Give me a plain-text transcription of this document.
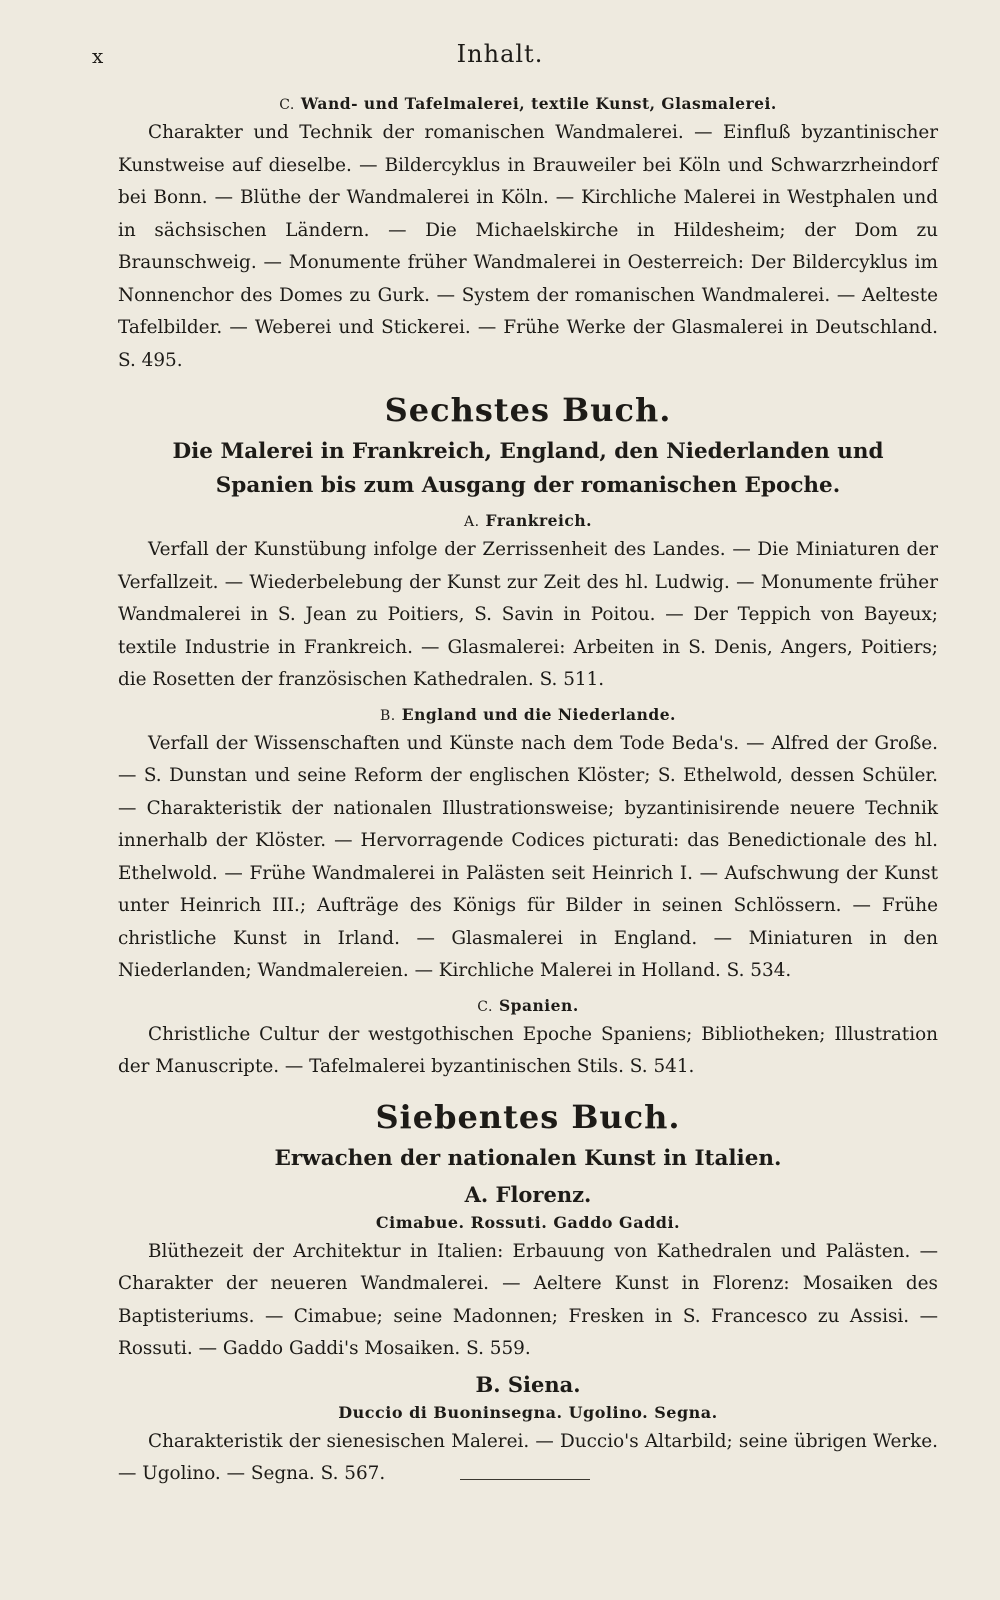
x	Inhalt.
C. Wand- und Tafelmalerei, textile Kunst, Glasmalerei.

Charakter und Technik der romanischen Wandmalerei. — Einfluß byzantinischer Kunstweise auf dieselbe. — Bildercyklus in Brauweiler bei Köln und Schwarzrheindorf bei Bonn. — Blüthe der Wandmalerei in Köln. — Kirchliche Malerei in Westphalen und in sächsischen Ländern. — Die Michaelskirche in Hildesheim; der Dom zu Braunschweig. — Monumente früher Wandmalerei in Oesterreich: Der Bildercyklus im Nonnenchor des Domes zu Gurk. — System der romanischen Wandmalerei. — Aelteste Tafelbilder. — Weberei und Stickerei. — Frühe Werke der Glasmalerei in Deutschland. S. 495.

Sechstes Buch.
Die Malerei in Frankreich, England, den Niederlanden und Spanien bis zum Ausgang der romanischen Epoche.
A. Frankreich.

Verfall der Kunstübung infolge der Zerrissenheit des Landes. — Die Miniaturen der Verfallzeit. — Wiederbelebung der Kunst zur Zeit des hl. Ludwig. — Monumente früher Wandmalerei in S. Jean zu Poitiers, S. Savin in Poitou. — Der Teppich von Bayeux; textile Industrie in Frankreich. — Glasmalerei: Arbeiten in S. Denis, Angers, Poitiers; die Rosetten der französischen Kathedralen. S. 511.

B. England und die Niederlande.

Verfall der Wissenschaften und Künste nach dem Tode Beda's. — Alfred der Große. — S. Dunstan und seine Reform der englischen Klöster; S. Ethelwold, dessen Schüler. — Charakteristik der nationalen Illustrationsweise; byzantinisirende neuere Technik innerhalb der Klöster. — Hervorragende Codices picturati: das Benedictionale des hl. Ethelwold. — Frühe Wandmalerei in Palästen seit Heinrich I. — Aufschwung der Kunst unter Heinrich III.; Aufträge des Königs für Bilder in seinen Schlössern. — Frühe christliche Kunst in Irland. — Glasmalerei in England. — Miniaturen in den Niederlanden; Wandmalereien. — Kirchliche Malerei in Holland. S. 534.

C. Spanien.

Christliche Cultur der westgothischen Epoche Spaniens; Bibliotheken; Illustration der Manuscripte. — Tafelmalerei byzantinischen Stils. S. 541.

Siebentes Buch.
Erwachen der nationalen Kunst in Italien.
A. Florenz.
Cimabue. Rossuti. Gaddo Gaddi.

Blüthezeit der Architektur in Italien: Erbauung von Kathedralen und Palästen. — Charakter der neueren Wandmalerei. — Aeltere Kunst in Florenz: Mosaiken des Baptisteriums. — Cimabue; seine Madonnen; Fresken in S. Francesco zu Assisi. — Rossuti. — Gaddo Gaddi's Mosaiken. S. 559.

B. Siena.
Duccio di Buoninsegna. Ugolino. Segna.

Charakteristik der sienesischen Malerei. — Duccio's Altarbild; seine übrigen Werke. — Ugolino. — Segna. S. 567.
